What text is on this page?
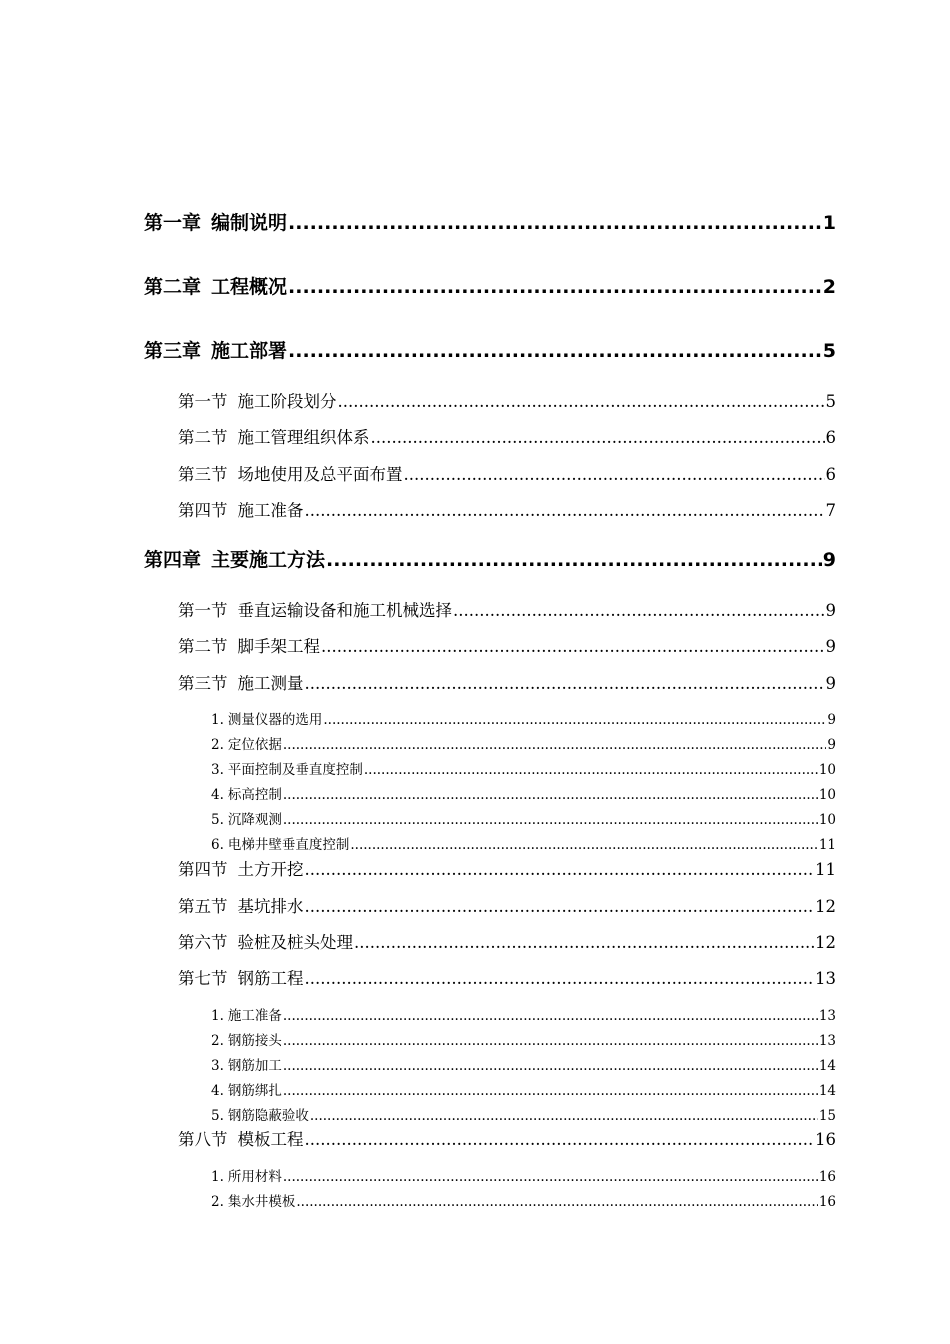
第一章 编制说明 .....	1
第二章 工程概况 .....	2
第三章 施工部署 .....	5
第一节 施工阶段划分 .....	5
第二节 施工管理组织体系 .....	6
第三节 场地使用及总平面布置 .....	6
第四节 施工准备 .....	7
第四章 主要施工方法 .....	9
第一节 垂直运输设备和施工机械选择 .....	9
第二节 脚手架工程 .....	9
第三节 施工测量 .....	9
1. 测量仪器的选用 .....	9
2. 定位依据 .....	9
3. 平面控制及垂直度控制 .....	10
4. 标高控制 .....	10
5. 沉降观测 .....	10
6. 电梯井壁垂直度控制 .....	11
第四节 土方开挖 .....	11
第五节 基坑排水 .....	12
第六节 验桩及桩头处理 .....	12
第七节 钢筋工程 .....	13
1. 施工准备 .....	13
2. 钢筋接头 .....	13
3. 钢筋加工 .....	14
4. 钢筋绑扎 .....	14
5. 钢筋隐蔽验收 .....	15
第八节 模板工程 .....	16
1. 所用材料 .....	16
2. 集水井模板 .....	16
